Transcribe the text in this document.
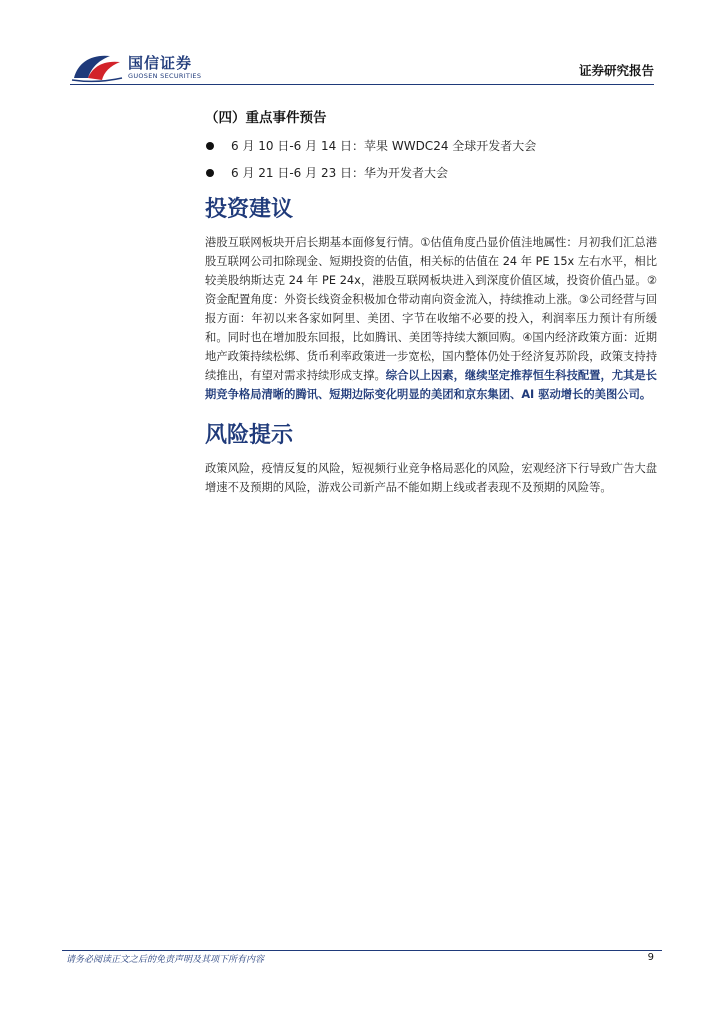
国信证券
GUOSEN SECURITIES	证券研究报告
（四）重点事件预告
6 月 10 日-6 月 14 日：苹果 WWDC24 全球开发者大会
6 月 21 日-6 月 23 日：华为开发者大会
投资建议

港股互联网板块开启长期基本面修复行情。①估值角度凸显价值洼地属性：月初我们汇总港股互联网公司扣除现金、短期投资的估值，相关标的估值在 24 年 PE 15x 左右水平，相比较美股纳斯达克 24 年 PE 24x，港股互联网板块进入到深度价值区域，投资价值凸显。②资金配置角度：外资长线资金积极加仓带动南向资金流入，持续推动上涨。③公司经营与回报方面：年初以来各家如阿里、美团、字节在收缩不必要的投入，利润率压力预计有所缓和。同时也在增加股东回报，比如腾讯、美团等持续大额回购。④国内经济政策方面：近期地产政策持续松绑、货币利率政策进一步宽松，国内整体仍处于经济复苏阶段，政策支持持续推出，有望对需求持续形成支撑。综合以上因素，继续坚定推荐恒生科技配置，尤其是长期竞争格局清晰的腾讯、短期边际变化明显的美团和京东集团、AI 驱动增长的美图公司。

风险提示

政策风险，疫情反复的风险，短视频行业竞争格局恶化的风险，宏观经济下行导致广告大盘增速不及预期的风险，游戏公司新产品不能如期上线或者表现不及预期的风险等。

请务必阅读正文之后的免责声明及其项下所有内容	9
